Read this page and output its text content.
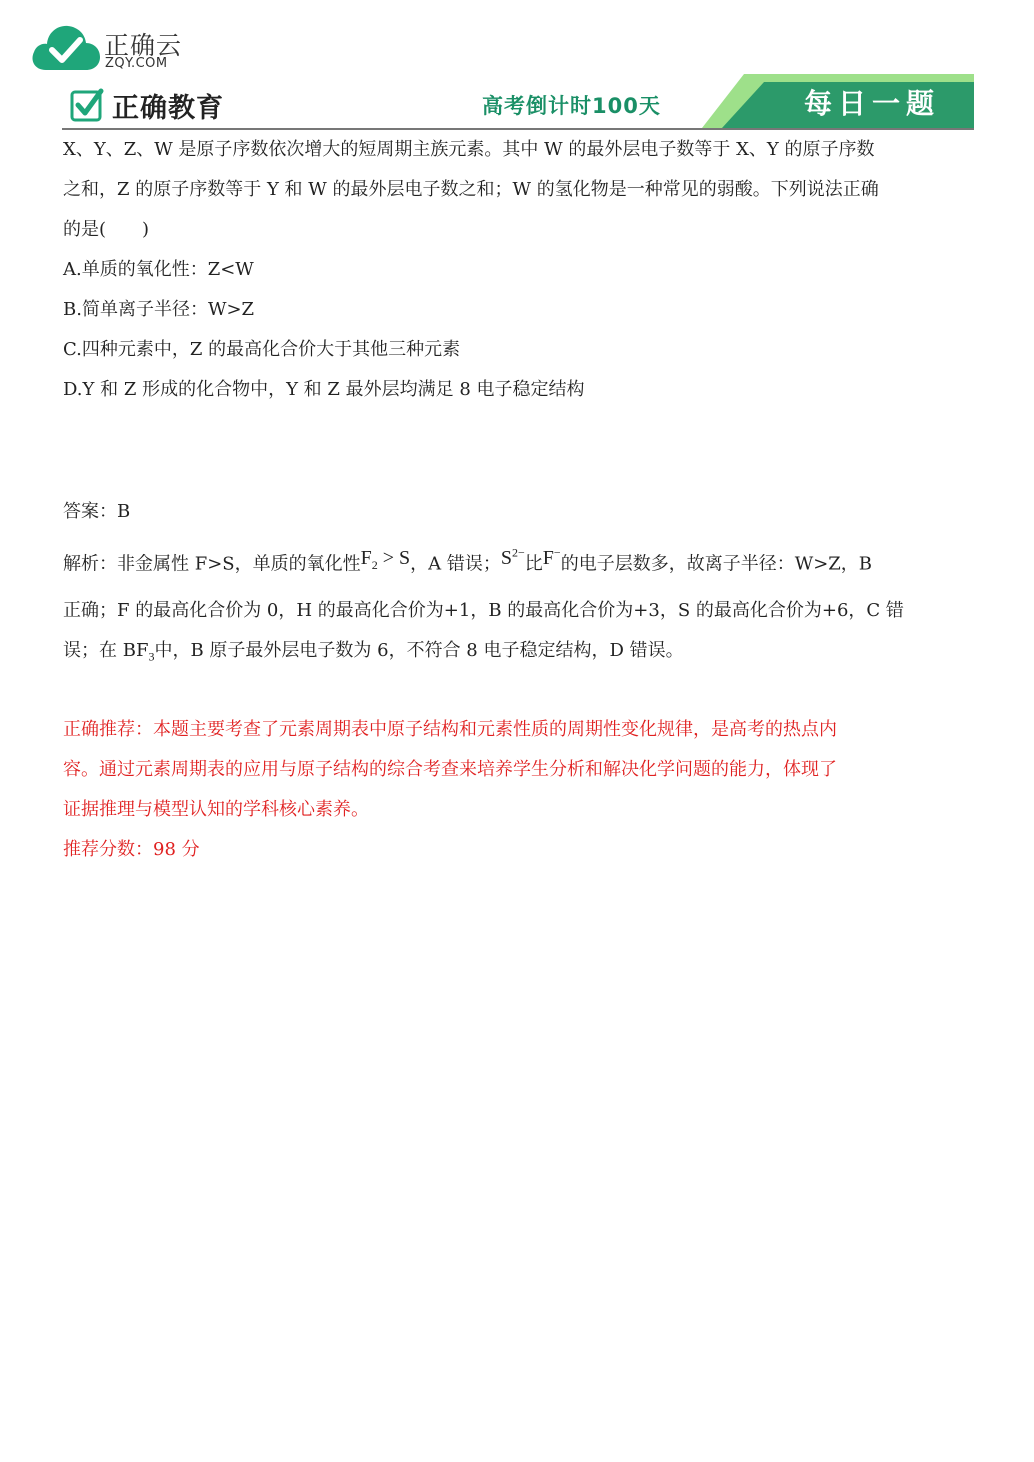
正确云
ZQY.COM
正确教育	高考倒计时100天	每日一题
X、Y、Z、W 是原子序数依次增大的短周期主族元素。其中 W 的最外层电子数等于 X、Y 的原子序数
之和，Z 的原子序数等于 Y 和 W 的最外层电子数之和；W 的氢化物是一种常见的弱酸。下列说法正确
的是(　　)
A.单质的氧化性：Z<W
B.简单离子半径：W>Z
C.四种元素中，Z 的最高化合价大于其他三种元素
D.Y 和 Z 形成的化合物中，Y 和 Z 最外层均满足 8 电子稳定结构
答案：B
解析：非金属性 F>S，单质的氧化性$F_2 > S$，A 错误；$S^{2-}$比F−的电子层数多，故离子半径：W>Z，B
正确；F 的最高化合价为 0，H 的最高化合价为+1，B 的最高化合价为+3，S 的最高化合价为+6，C 错
误；在 $BF_3$中，B 原子最外层电子数为 6，不符合 8 电子稳定结构，D 错误。
正确推荐：本题主要考查了元素周期表中原子结构和元素性质的周期性变化规律，是高考的热点内
容。通过元素周期表的应用与原子结构的综合考查来培养学生分析和解决化学问题的能力，体现了
证据推理与模型认知的学科核心素养。
推荐分数：98 分
